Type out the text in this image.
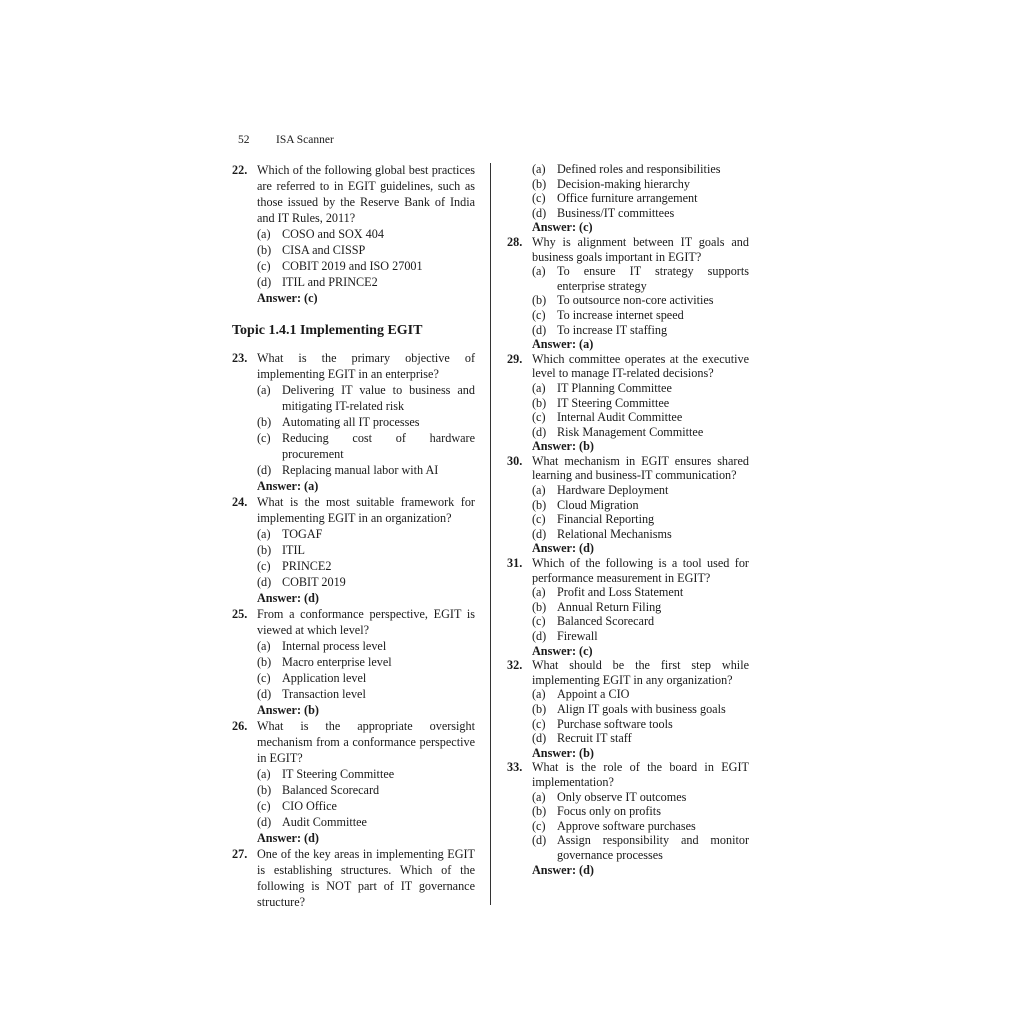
52 ISA Scanner
22. Which of the following global best practices are referred to in EGIT guidelines, such as those issued by the Reserve Bank of India and IT Rules, 2011?
(a) COSO and SOX 404
(b) CISA and CISSP
(c) COBIT 2019 and ISO 27001
(d) ITIL and PRINCE2
Answer: (c)
Topic 1.4.1 Implementing EGIT
23. What is the primary objective of implementing EGIT in an enterprise?
(a) Delivering IT value to business and mitigating IT-related risk
(b) Automating all IT processes
(c) Reducing cost of hardware procurement
(d) Replacing manual labor with AI
Answer: (a)
24. What is the most suitable framework for implementing EGIT in an organization?
(a) TOGAF
(b) ITIL
(c) PRINCE2
(d) COBIT 2019
Answer: (d)
25. From a conformance perspective, EGIT is viewed at which level?
(a) Internal process level
(b) Macro enterprise level
(c) Application level
(d) Transaction level
Answer: (b)
26. What is the appropriate oversight mechanism from a conformance perspective in EGIT?
(a) IT Steering Committee
(b) Balanced Scorecard
(c) CIO Office
(d) Audit Committee
Answer: (d)
27. One of the key areas in implementing EGIT is establishing structures. Which of the following is NOT part of IT governance structure?
(a) Defined roles and responsibilities
(b) Decision-making hierarchy
(c) Office furniture arrangement
(d) Business/IT committees
Answer: (c)
28. Why is alignment between IT goals and business goals important in EGIT?
(a) To ensure IT strategy supports enterprise strategy
(b) To outsource non-core activities
(c) To increase internet speed
(d) To increase IT staffing
Answer: (a)
29. Which committee operates at the executive level to manage IT-related decisions?
(a) IT Planning Committee
(b) IT Steering Committee
(c) Internal Audit Committee
(d) Risk Management Committee
Answer: (b)
30. What mechanism in EGIT ensures shared learning and business-IT communication?
(a) Hardware Deployment
(b) Cloud Migration
(c) Financial Reporting
(d) Relational Mechanisms
Answer: (d)
31. Which of the following is a tool used for performance measurement in EGIT?
(a) Profit and Loss Statement
(b) Annual Return Filing
(c) Balanced Scorecard
(d) Firewall
Answer: (c)
32. What should be the first step while implementing EGIT in any organization?
(a) Appoint a CIO
(b) Align IT goals with business goals
(c) Purchase software tools
(d) Recruit IT staff
Answer: (b)
33. What is the role of the board in EGIT implementation?
(a) Only observe IT outcomes
(b) Focus only on profits
(c) Approve software purchases
(d) Assign responsibility and monitor governance processes
Answer: (d)
